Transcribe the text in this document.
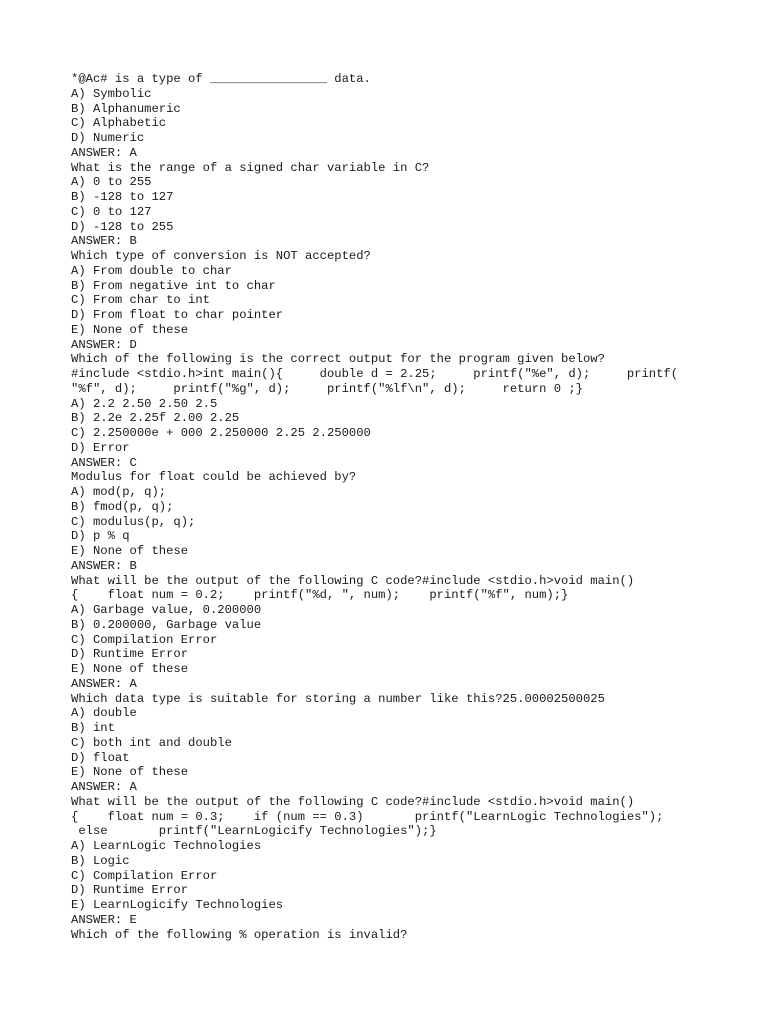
*@Ac# is a type of ________________ data.
A) Symbolic
B) Alphanumeric
C) Alphabetic
D) Numeric
ANSWER: A
What is the range of a signed char variable in C?
A) 0 to 255
B) -128 to 127
C) 0 to 127
D) -128 to 255
ANSWER: B
Which type of conversion is NOT accepted?
A) From double to char
B) From negative int to char
C) From char to int
D) From float to char pointer
E) None of these
ANSWER: D
Which of the following is the correct output for the program given below?
#include <stdio.h>int main(){     double d = 2.25;     printf("%e", d);     printf(
"%f", d);     printf("%g", d);     printf("%lf\n", d);     return 0 ;}
A) 2.2 2.50 2.50 2.5
B) 2.2e 2.25f 2.00 2.25
C) 2.250000e + 000 2.250000 2.25 2.250000
D) Error
ANSWER: C
Modulus for float could be achieved by?
A) mod(p, q);
B) fmod(p, q);
C) modulus(p, q);
D) p % q
E) None of these
ANSWER: B
What will be the output of the following C code?#include <stdio.h>void main()
{    float num = 0.2;    printf("%d, ", num);    printf("%f", num);}
A) Garbage value, 0.200000
B) 0.200000, Garbage value
C) Compilation Error
D) Runtime Error
E) None of these
ANSWER: A
Which data type is suitable for storing a number like this?25.00002500025
A) double
B) int
C) both int and double
D) float
E) None of these
ANSWER: A
What will be the output of the following C code?#include <stdio.h>void main()
{    float num = 0.3;    if (num == 0.3)       printf("LearnLogic Technologies");
else       printf("LearnLogicify Technologies");}
A) LearnLogic Technologies
B) Logic
C) Compilation Error
D) Runtime Error
E) LearnLogicify Technologies
ANSWER: E
Which of the following % operation is invalid?
